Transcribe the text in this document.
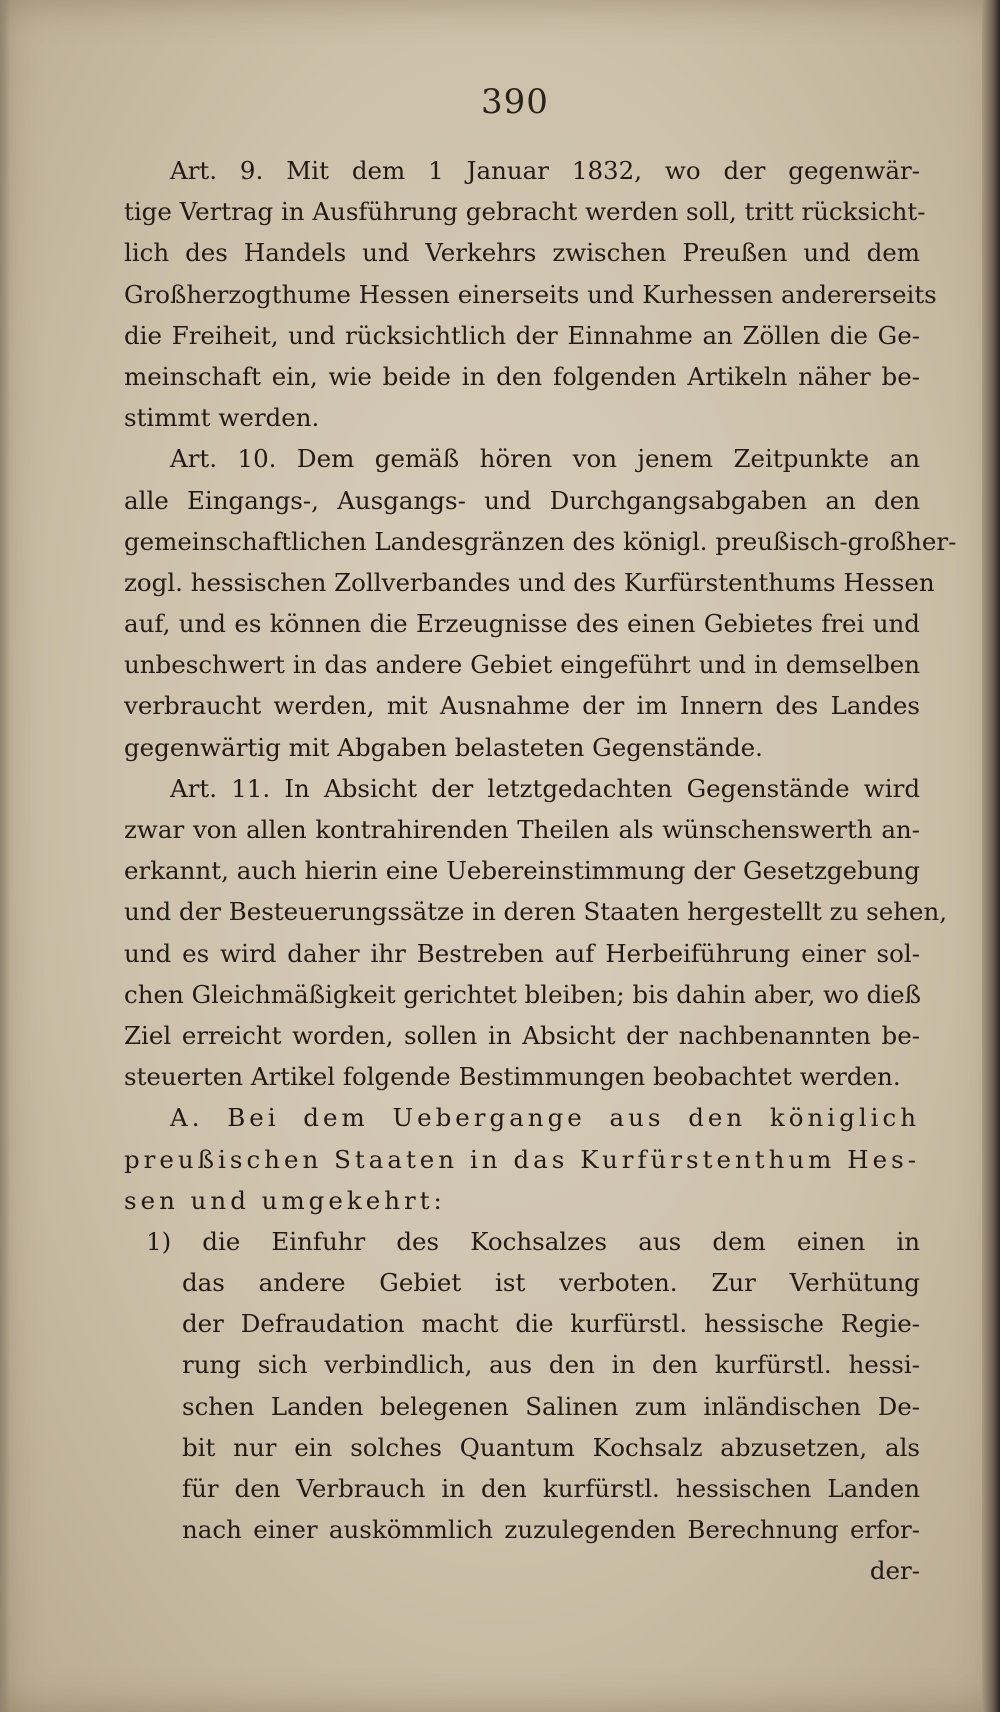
390
Art. 9. Mit dem 1 Januar 1832, wo der gegenwär-
tige Vertrag in Ausführung gebracht werden soll, tritt rücksicht-
lich des Handels und Verkehrs zwischen Preußen und dem
Großherzogthume Hessen einerseits und Kurhessen andererseits
die Freiheit, und rücksichtlich der Einnahme an Zöllen die Ge-
meinschaft ein, wie beide in den folgenden Artikeln näher be-
stimmt werden.
Art. 10. Dem gemäß hören von jenem Zeitpunkte an
alle Eingangs-, Ausgangs- und Durchgangsabgaben an den
gemeinschaftlichen Landesgränzen des königl. preußisch-großher-
zogl. hessischen Zollverbandes und des Kurfürstenthums Hessen
auf, und es können die Erzeugnisse des einen Gebietes frei und
unbeschwert in das andere Gebiet eingeführt und in demselben
verbraucht werden, mit Ausnahme der im Innern des Landes
gegenwärtig mit Abgaben belasteten Gegenstände.
Art. 11. In Absicht der letztgedachten Gegenstände wird
zwar von allen kontrahirenden Theilen als wünschenswerth an-
erkannt, auch hierin eine Uebereinstimmung der Gesetzgebung
und der Besteuerungssätze in deren Staaten hergestellt zu sehen,
und es wird daher ihr Bestreben auf Herbeiführung einer sol-
chen Gleichmäßigkeit gerichtet bleiben; bis dahin aber, wo dieß
Ziel erreicht worden, sollen in Absicht der nachbenannten be-
steuerten Artikel folgende Bestimmungen beobachtet werden.
A. Bei dem Uebergange aus den königlich
preußischen Staaten in das Kurfürstenthum Hes-
sen und umgekehrt:
1) die Einfuhr des Kochsalzes aus dem einen in
das andere Gebiet ist verboten. Zur Verhütung
der Defraudation macht die kurfürstl. hessische Regie-
rung sich verbindlich, aus den in den kurfürstl. hessi-
schen Landen belegenen Salinen zum inländischen De-
bit nur ein solches Quantum Kochsalz abzusetzen, als
für den Verbrauch in den kurfürstl. hessischen Landen
nach einer auskömmlich zuzulegenden Berechnung erfor-
der-
